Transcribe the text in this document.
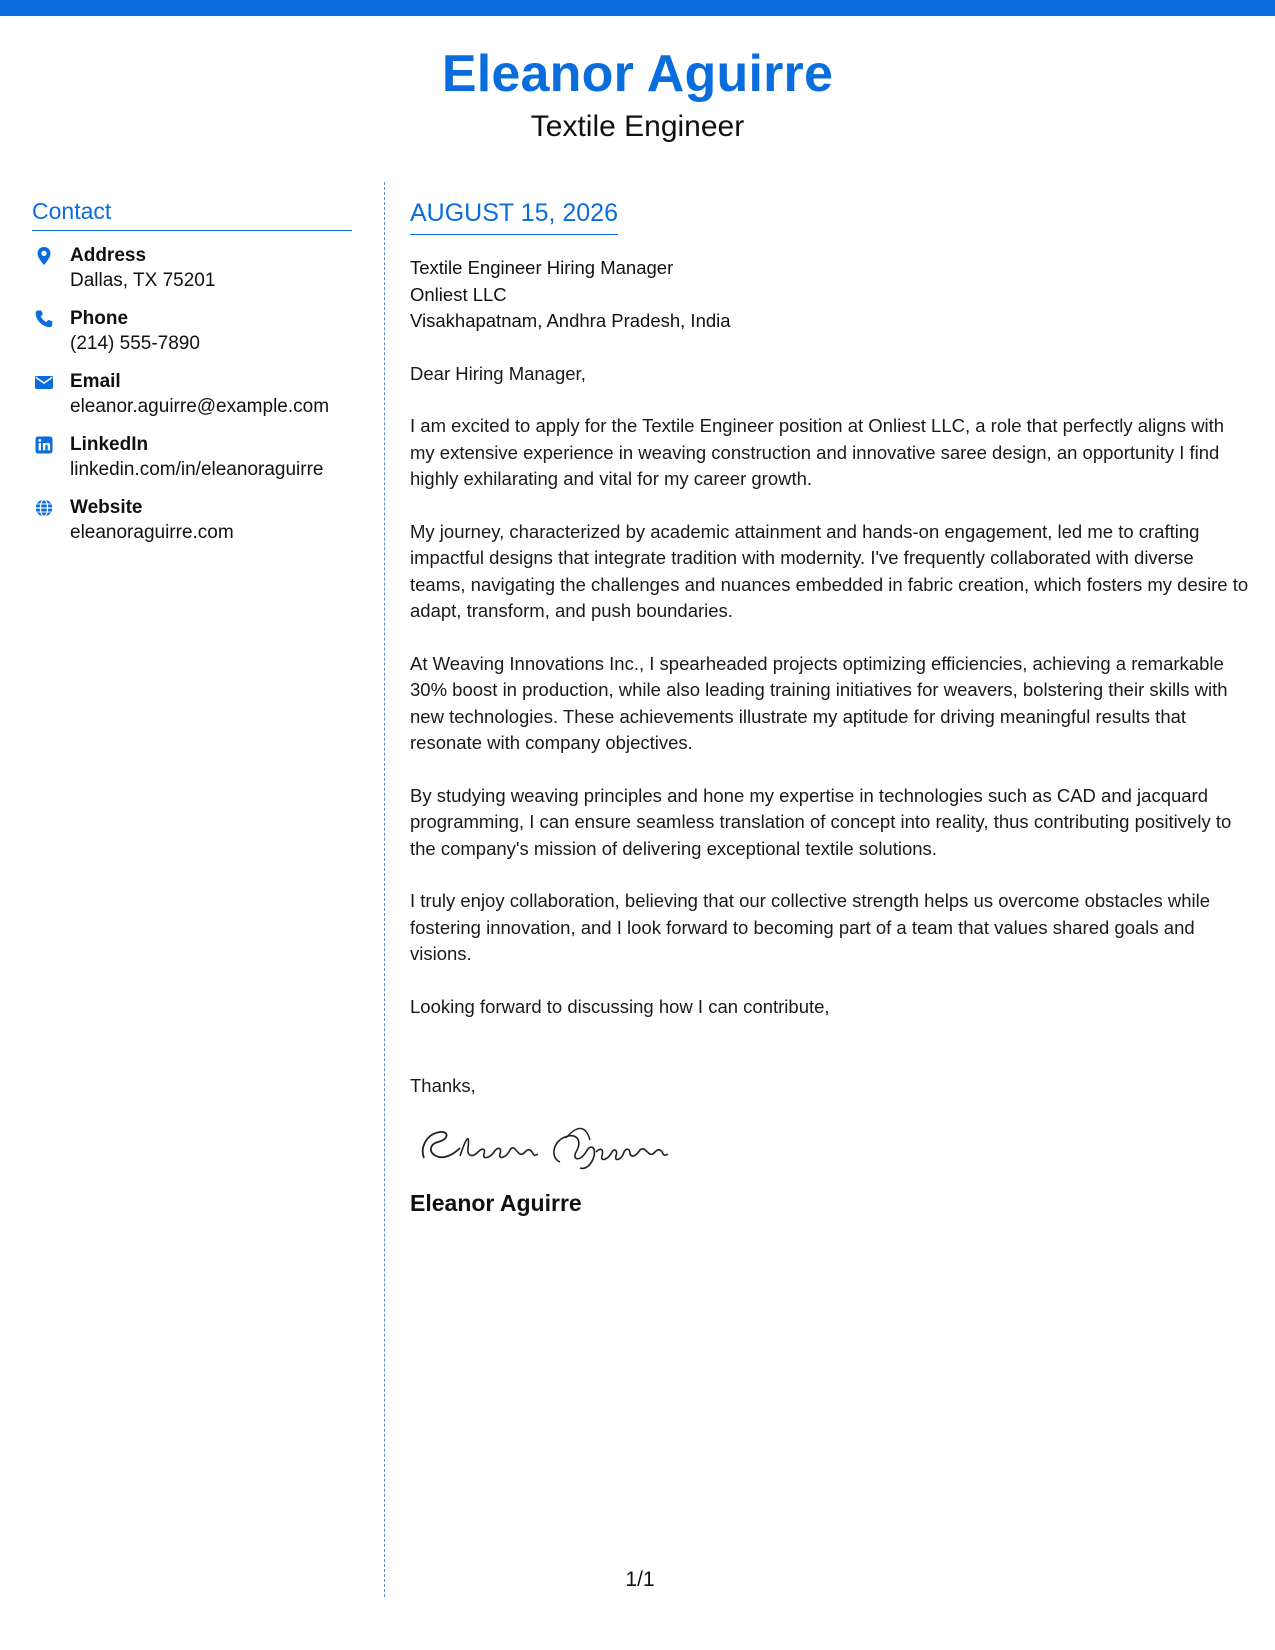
Eleanor Aguirre
Textile Engineer
Contact
Address
Dallas, TX 75201
Phone
(214) 555-7890
Email
eleanor.aguirre@example.com
LinkedIn
linkedin.com/in/eleanoraguirre
Website
eleanoraguirre.com
AUGUST 15, 2026
Textile Engineer Hiring Manager
Onliest LLC
Visakhapatnam, Andhra Pradesh, India
Dear Hiring Manager,
I am excited to apply for the Textile Engineer position at Onliest LLC, a role that perfectly aligns with my extensive experience in weaving construction and innovative saree design, an opportunity I find highly exhilarating and vital for my career growth.
My journey, characterized by academic attainment and hands-on engagement, led me to crafting impactful designs that integrate tradition with modernity. I've frequently collaborated with diverse teams, navigating the challenges and nuances embedded in fabric creation, which fosters my desire to adapt, transform, and push boundaries.
At Weaving Innovations Inc., I spearheaded projects optimizing efficiencies, achieving a remarkable 30% boost in production, while also leading training initiatives for weavers, bolstering their skills with new technologies. These achievements illustrate my aptitude for driving meaningful results that resonate with company objectives.
By studying weaving principles and hone my expertise in technologies such as CAD and jacquard programming, I can ensure seamless translation of concept into reality, thus contributing positively to the company's mission of delivering exceptional textile solutions.
I truly enjoy collaboration, believing that our collective strength helps us overcome obstacles while fostering innovation, and I look forward to becoming part of a team that values shared goals and visions.
Looking forward to discussing how I can contribute,
Thanks,
Eleanor Aguirre
1/1
